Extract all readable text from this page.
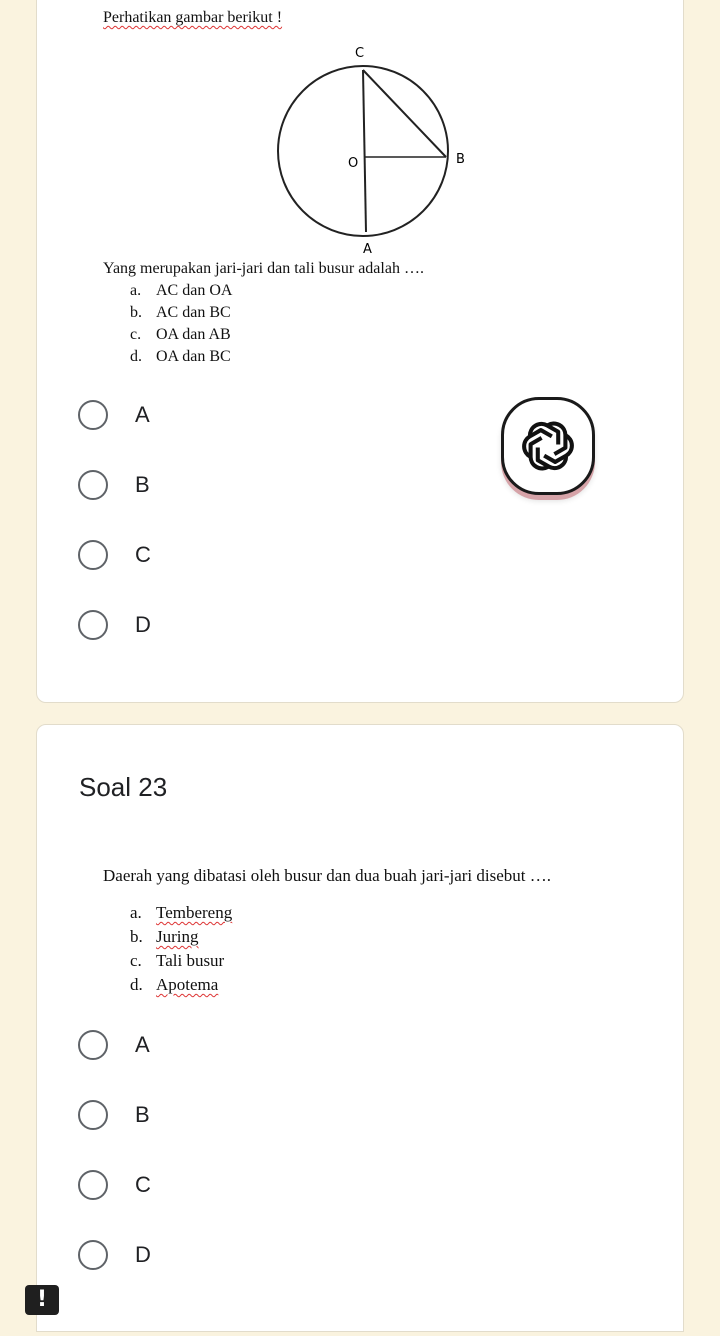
Perhatikan gambar berikut !
C
O	B
A
Yang merupakan jari-jari dan tali busur adalah ….
a. AC dan OA
b. AC dan BC
c. OA dan AB
d. OA dan BC
A
B
C
D
Soal 23
Daerah yang dibatasi oleh busur dan dua buah jari-jari disebut ….
a. Tembereng
b. Juring
c. Tali busur
d. Apotema
A
B
C
D
!
